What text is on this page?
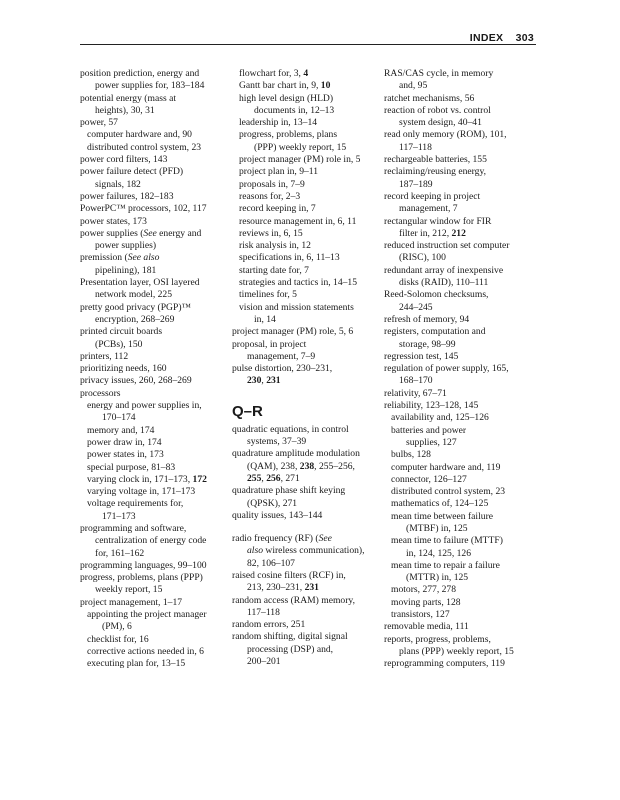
INDEX 303
position prediction, energy and
power supplies for, 183–184
potential energy (mass at
heights), 30, 31
power, 57
computer hardware and, 90
distributed control system, 23
power cord filters, 143
power failure detect (PFD)
signals, 182
power failures, 182–183
PowerPC™ processors, 102, 117
power states, 173
power supplies (See energy and
power supplies)
premission (See also
pipelining), 181
Presentation layer, OSI layered
network model, 225
pretty good privacy (PGP)™
encryption, 268–269
printed circuit boards
(PCBs), 150
printers, 112
prioritizing needs, 160
privacy issues, 260, 268–269
processors
energy and power supplies in,
170–174
memory and, 174
power draw in, 174
power states in, 173
special purpose, 81–83
varying clock in, 171–173, 172
varying voltage in, 171–173
voltage requirements for,
171–173
programming and software,
centralization of energy code
for, 161–162
programming languages, 99–100
progress, problems, plans (PPP)
weekly report, 15
project management, 1–17
appointing the project manager
(PM), 6
checklist for, 16
corrective actions needed in, 6
executing plan for, 13–15
flowchart for, 3, 4
Gantt bar chart in, 9, 10
high level design (HLD)
documents in, 12–13
leadership in, 13–14
progress, problems, plans
(PPP) weekly report, 15
project manager (PM) role in, 5
project plan in, 9–11
proposals in, 7–9
reasons for, 2–3
record keeping in, 7
resource management in, 6, 11
reviews in, 6, 15
risk analysis in, 12
specifications in, 6, 11–13
starting date for, 7
strategies and tactics in, 14–15
timelines for, 5
vision and mission statements
in, 14
project manager (PM) role, 5, 6
proposal, in project
management, 7–9
pulse distortion, 230–231,
230, 231
Q–R
quadratic equations, in control
systems, 37–39
quadrature amplitude modulation
(QAM), 238, 238, 255–256,
255, 256, 271
quadrature phase shift keying
(QPSK), 271
quality issues, 143–144
radio frequency (RF) (See
also wireless communication),
82, 106–107
raised cosine filters (RCF) in,
213, 230–231, 231
random access (RAM) memory,
117–118
random errors, 251
random shifting, digital signal
processing (DSP) and,
200–201
RAS/CAS cycle, in memory
and, 95
ratchet mechanisms, 56
reaction of robot vs. control
system design, 40–41
read only memory (ROM), 101,
117–118
rechargeable batteries, 155
reclaiming/reusing energy,
187–189
record keeping in project
management, 7
rectangular window for FIR
filter in, 212, 212
reduced instruction set computer
(RISC), 100
redundant array of inexpensive
disks (RAID), 110–111
Reed-Solomon checksums,
244–245
refresh of memory, 94
registers, computation and
storage, 98–99
regression test, 145
regulation of power supply, 165,
168–170
relativity, 67–71
reliability, 123–128, 145
availability and, 125–126
batteries and power
supplies, 127
bulbs, 128
computer hardware and, 119
connector, 126–127
distributed control system, 23
mathematics of, 124–125
mean time between failure
(MTBF) in, 125
mean time to failure (MTTF)
in, 124, 125, 126
mean time to repair a failure
(MTTR) in, 125
motors, 277, 278
moving parts, 128
transistors, 127
removable media, 111
reports, progress, problems,
plans (PPP) weekly report, 15
reprogramming computers, 119
